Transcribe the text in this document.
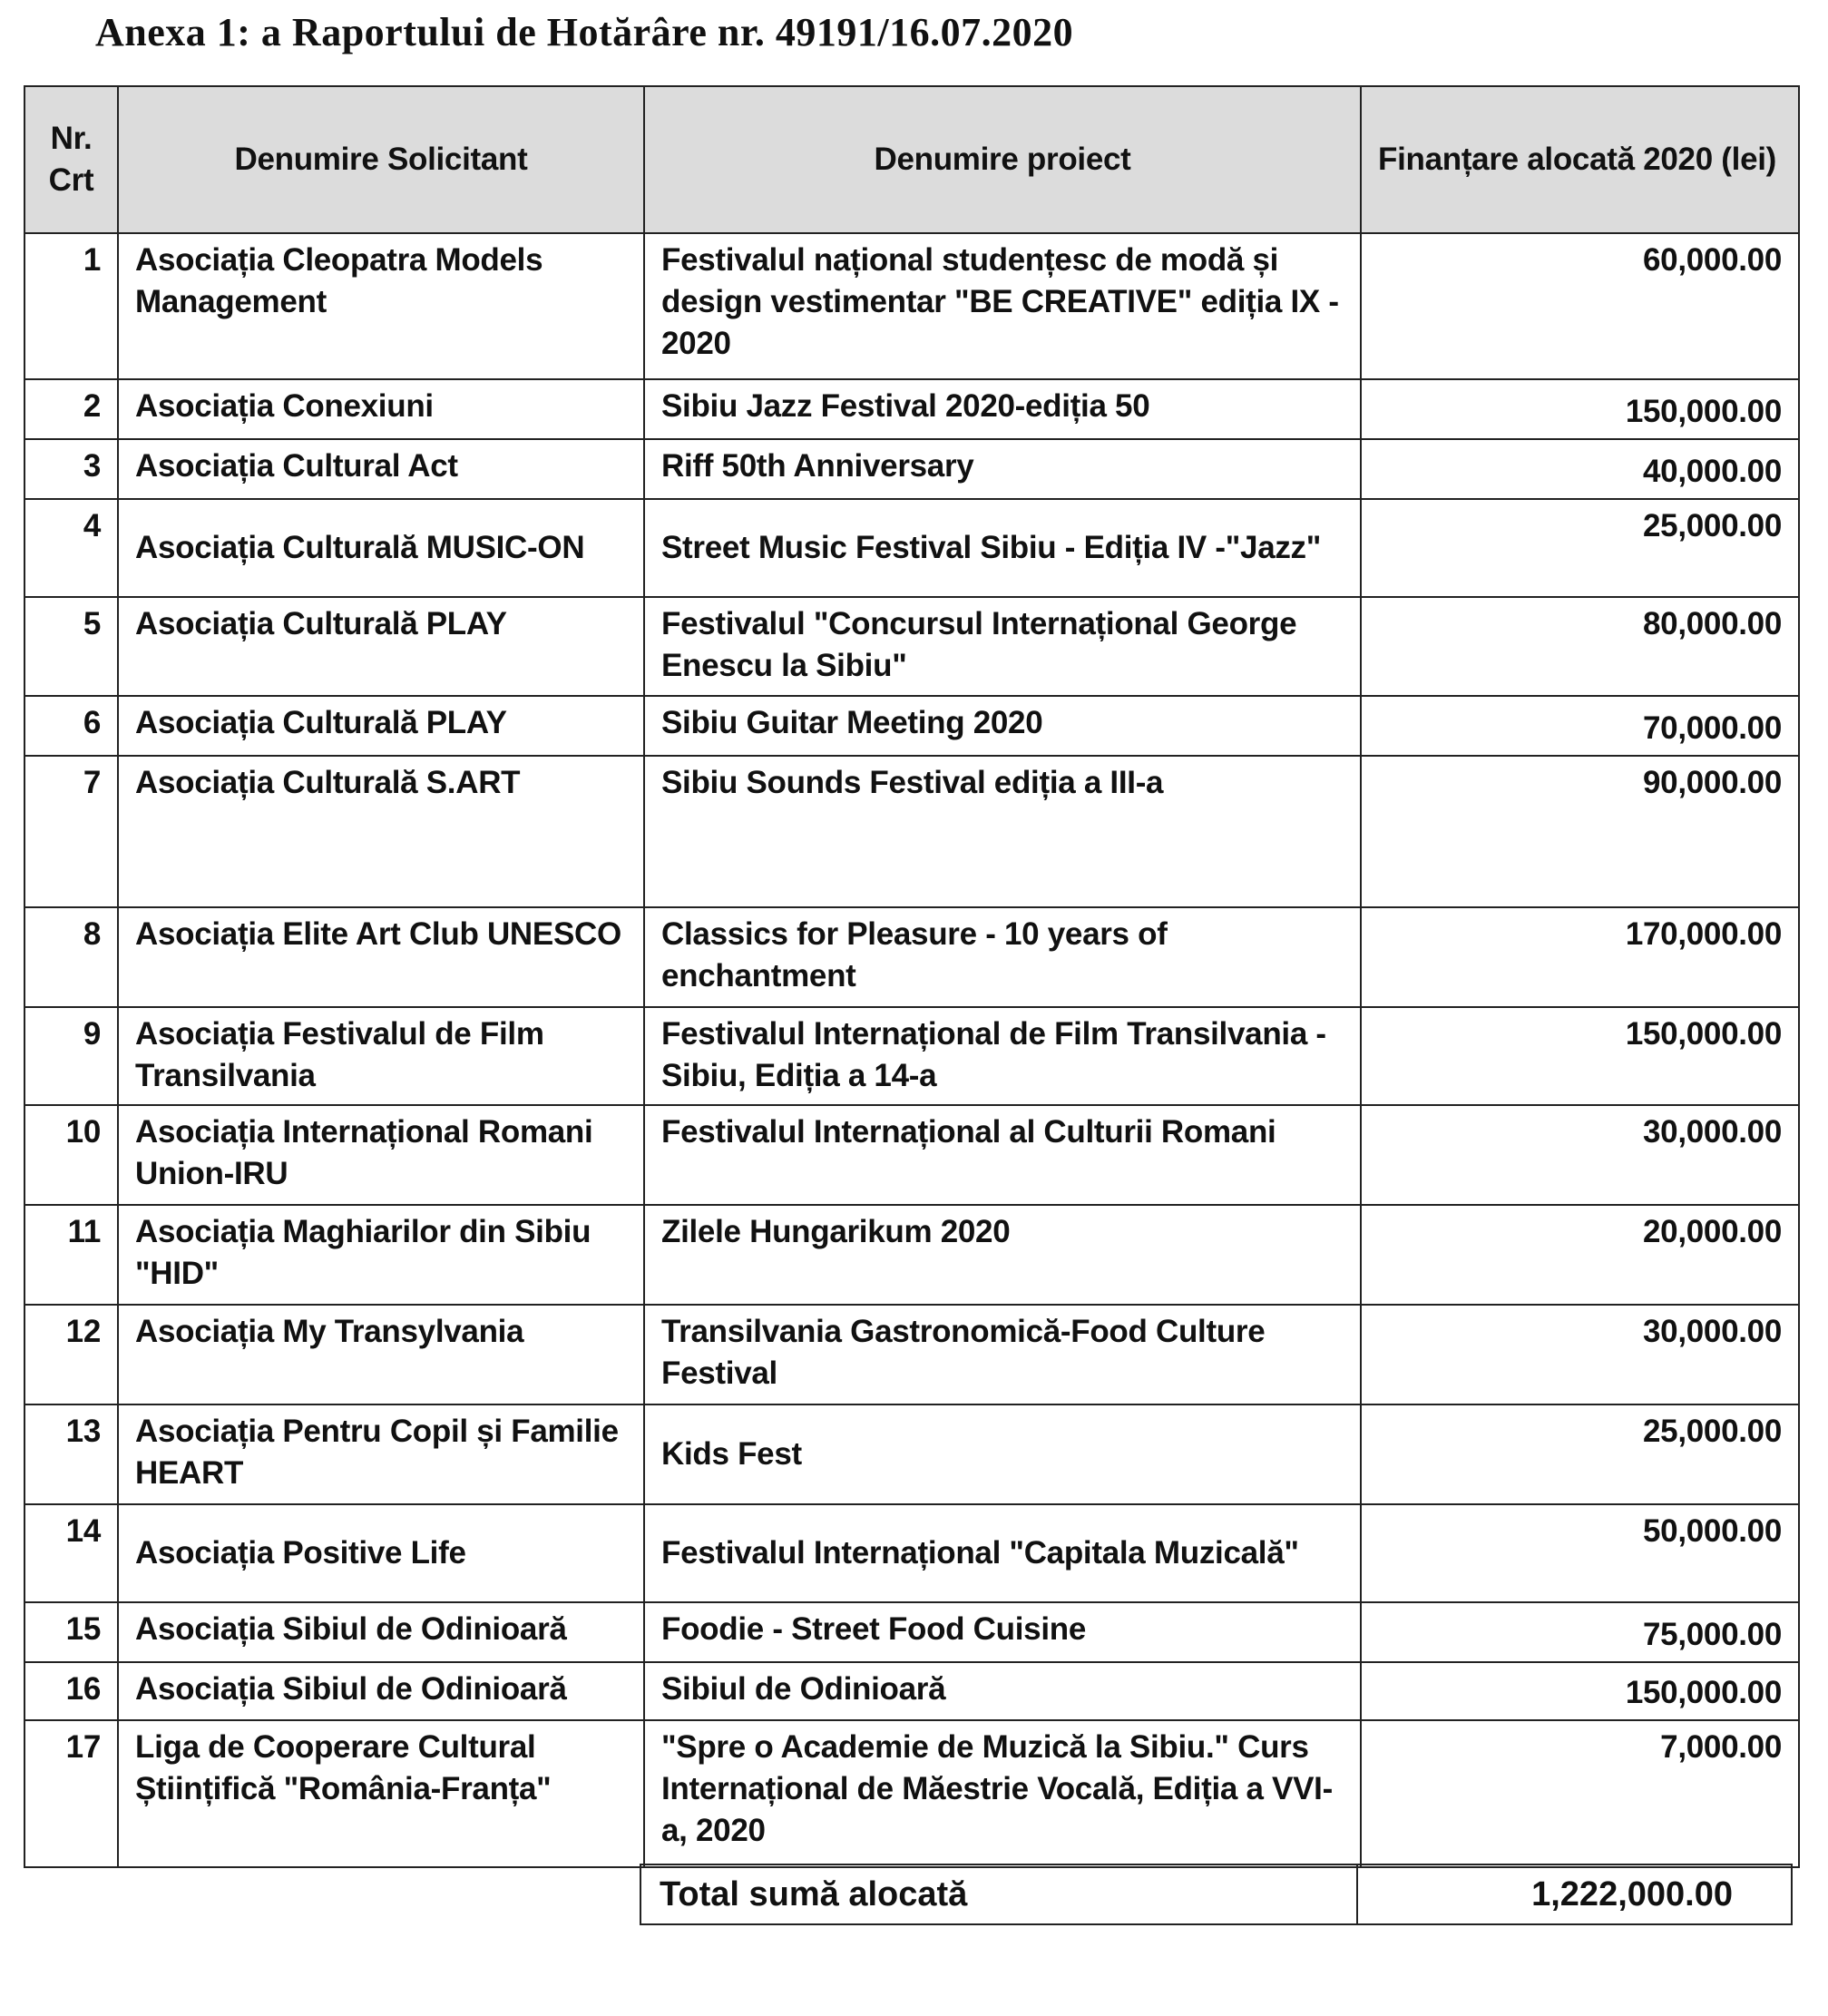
Anexa 1: a Raportului de Hotărâre nr. 49191/16.07.2020
Nr. Crt	Denumire Solicitant	Denumire proiect	Finanțare alocată 2020 (lei)
1	Asociația Cleopatra Models Management	Festivalul național studențesc de modă și design vestimentar "BE CREATIVE" ediția IX - 2020	60,000.00
2	Asociația Conexiuni	Sibiu Jazz Festival 2020-ediția 50	150,000.00
3	Asociația Cultural Act	Riff 50th Anniversary	40,000.00
4	Asociația Culturală MUSIC-ON	Street Music Festival Sibiu - Ediția IV -"Jazz"	25,000.00
5	Asociația Culturală PLAY	Festivalul "Concursul Internațional George Enescu la Sibiu"	80,000.00
6	Asociația Culturală PLAY	Sibiu Guitar Meeting 2020	70,000.00
7	Asociația Culturală S.ART	Sibiu Sounds Festival ediția a III-a	90,000.00
8	Asociația Elite Art Club UNESCO	Classics for Pleasure - 10 years of enchantment	170,000.00
9	Asociația Festivalul de Film Transilvania	Festivalul Internațional de Film Transilvania - Sibiu, Ediția a 14-a	150,000.00
10	Asociația Internațional Romani Union-IRU	Festivalul Internațional al Culturii Romani	30,000.00
11	Asociația Maghiarilor din Sibiu "HID"	Zilele Hungarikum 2020	20,000.00
12	Asociația My Transylvania	Transilvania Gastronomică-Food Culture Festival	30,000.00
13	Asociația Pentru Copil și Familie HEART	Kids Fest	25,000.00
14	Asociația Positive Life	Festivalul Internațional "Capitala Muzicală"	50,000.00
15	Asociația Sibiul de Odinioară	Foodie - Street Food Cuisine	75,000.00
16	Asociația Sibiul de Odinioară	Sibiul de Odinioară	150,000.00
17	Liga de Cooperare Cultural Științifică "România-Franța"	"Spre o Academie de Muzică la Sibiu." Curs Internațional de Măestrie Vocală, Ediția a VVI-a, 2020	7,000.00
Total sumă alocată	1,222,000.00
